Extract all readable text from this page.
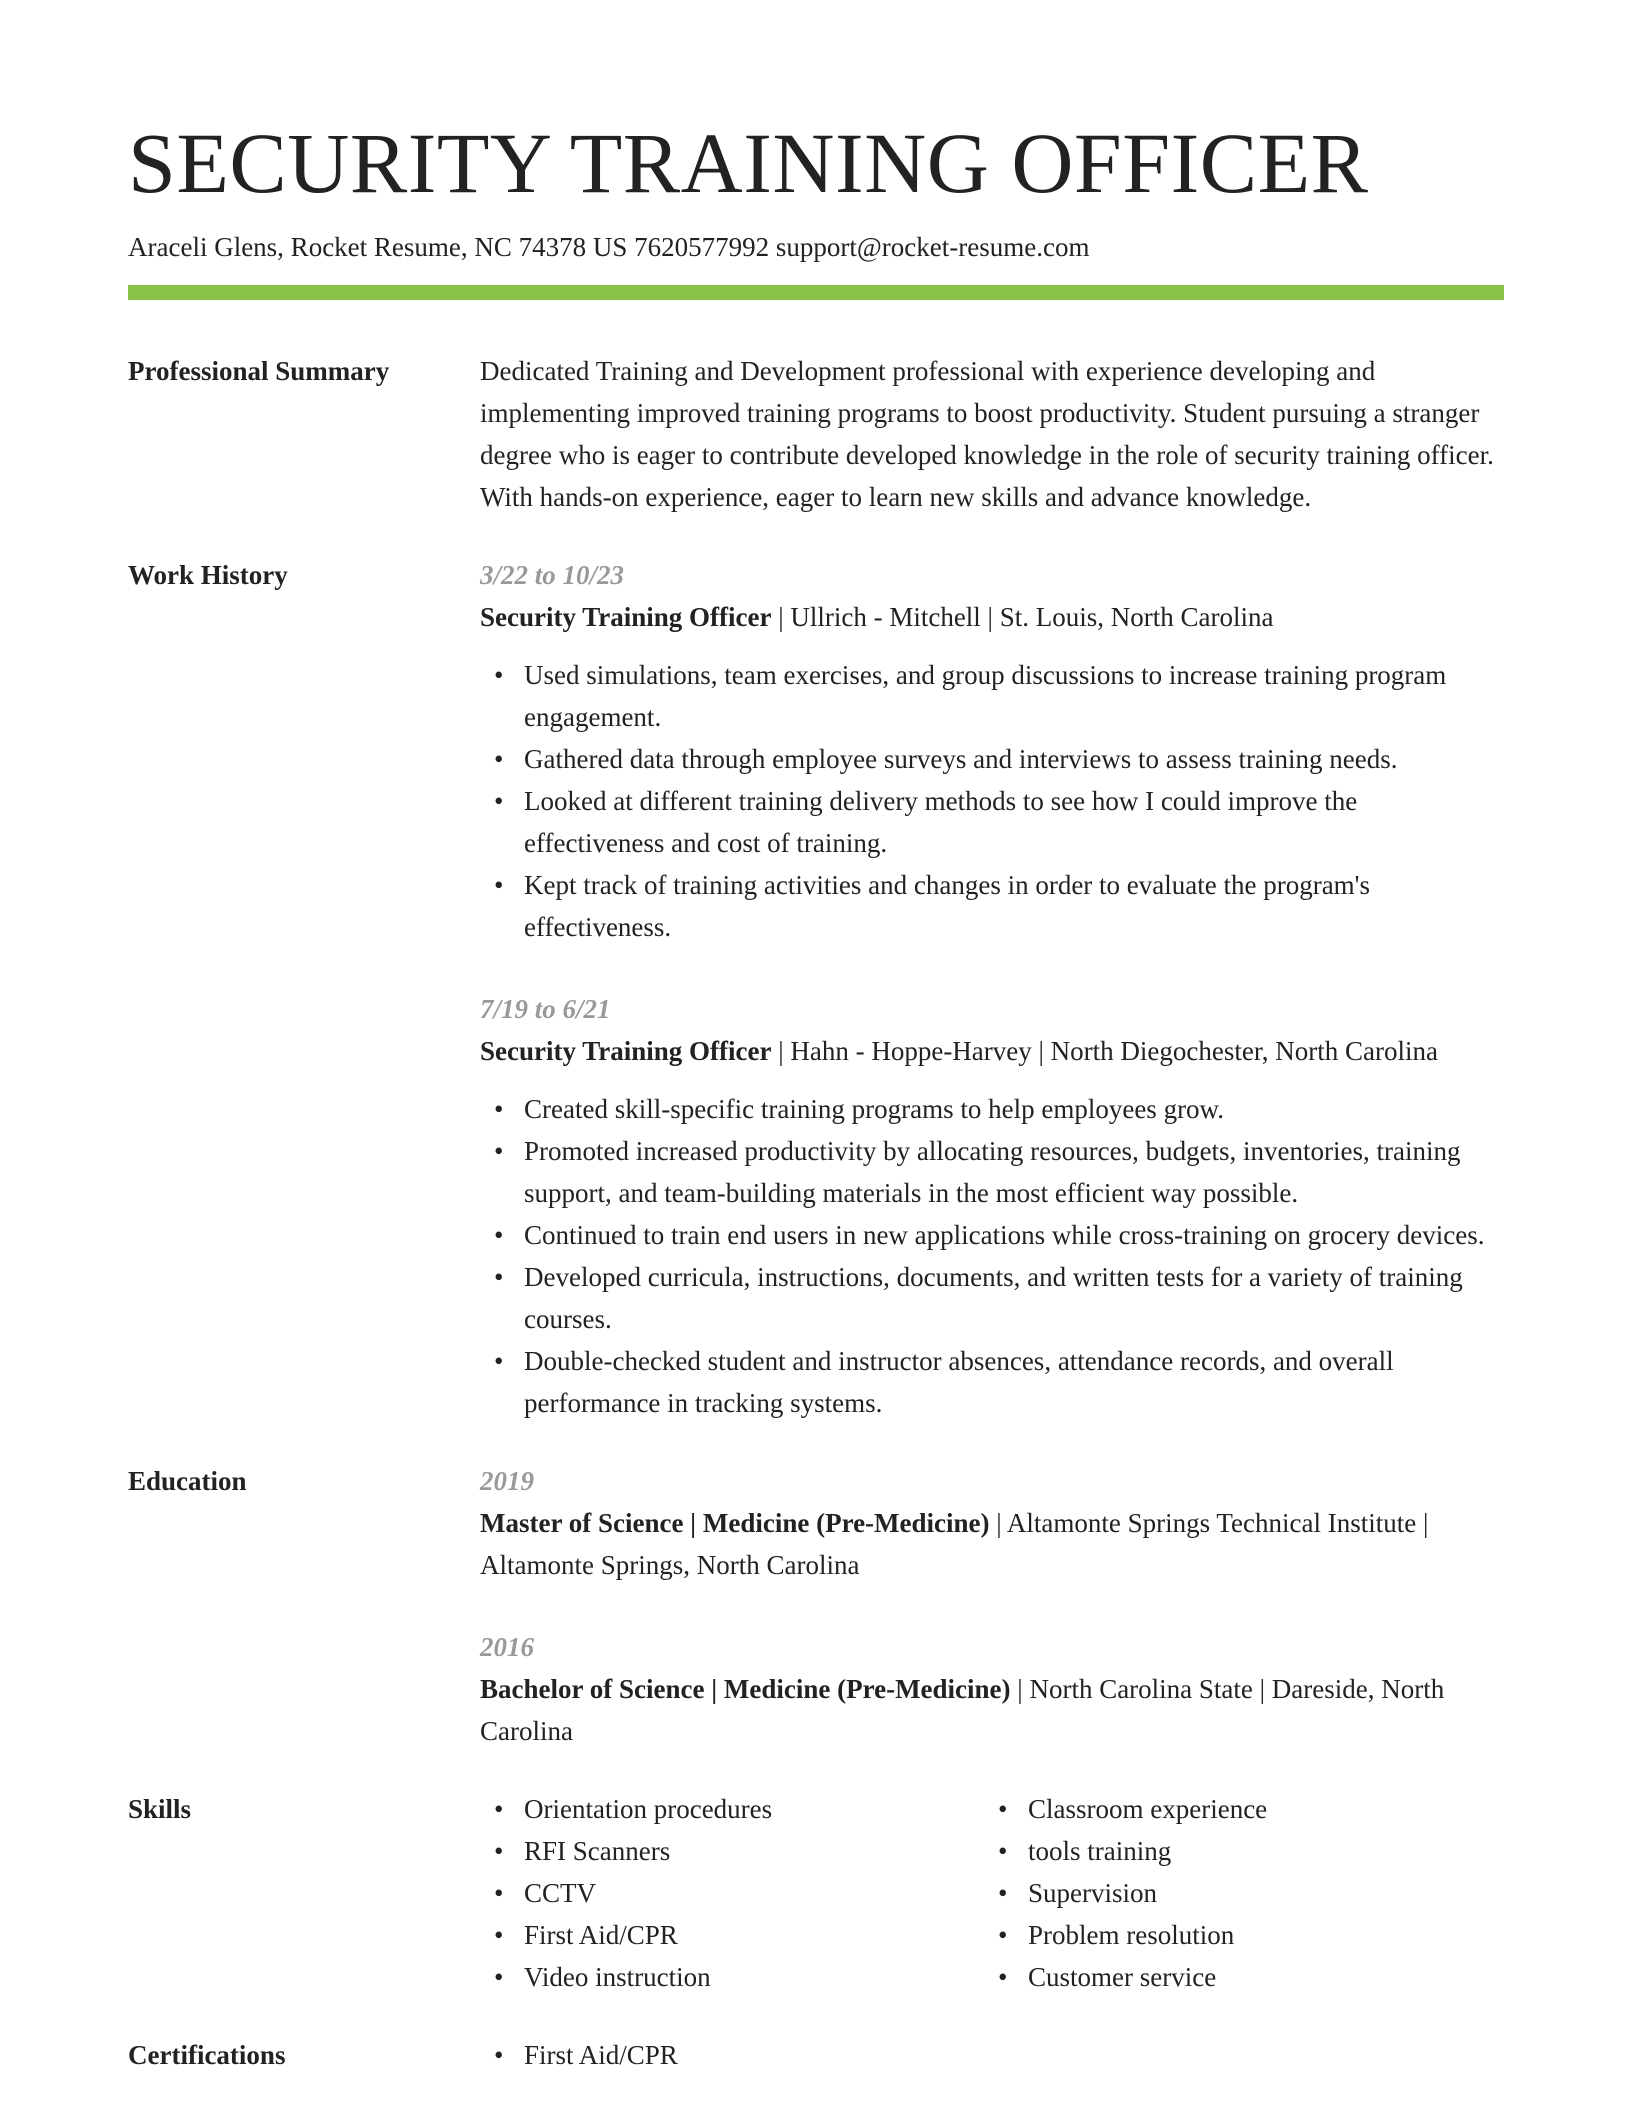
SECURITY TRAINING OFFICER
Araceli Glens, Rocket Resume, NC 74378 US 7620577992 support@rocket-resume.com
Professional Summary	Dedicated Training and Development professional with experience developing and implementing improved training programs to boost productivity. Student pursuing a stranger degree who is eager to contribute developed knowledge in the role of security training officer. With hands-on experience, eager to learn new skills and advance knowledge.
Work History	3/22 to 10/23
Security Training Officer | Ullrich - Mitchell | St. Louis, North Carolina
• Used simulations, team exercises, and group discussions to increase training program engagement.
• Gathered data through employee surveys and interviews to assess training needs.
• Looked at different training delivery methods to see how I could improve the effectiveness and cost of training.
• Kept track of training activities and changes in order to evaluate the program's effectiveness.
7/19 to 6/21
Security Training Officer | Hahn - Hoppe-Harvey | North Diegochester, North Carolina
• Created skill-specific training programs to help employees grow.
• Promoted increased productivity by allocating resources, budgets, inventories, training support, and team-building materials in the most efficient way possible.
• Continued to train end users in new applications while cross-training on grocery devices.
• Developed curricula, instructions, documents, and written tests for a variety of training courses.
• Double-checked student and instructor absences, attendance records, and overall performance in tracking systems.
Education	2019
Master of Science | Medicine (Pre-Medicine) | Altamonte Springs Technical Institute | Altamonte Springs, North Carolina
2016
Bachelor of Science | Medicine (Pre-Medicine) | North Carolina State | Dareside, North Carolina
Skills	• Orientation procedures
• RFI Scanners
• CCTV
• First Aid/CPR
• Video instruction
• Classroom experience
• tools training
• Supervision
• Problem resolution
• Customer service
Certifications	• First Aid/CPR
